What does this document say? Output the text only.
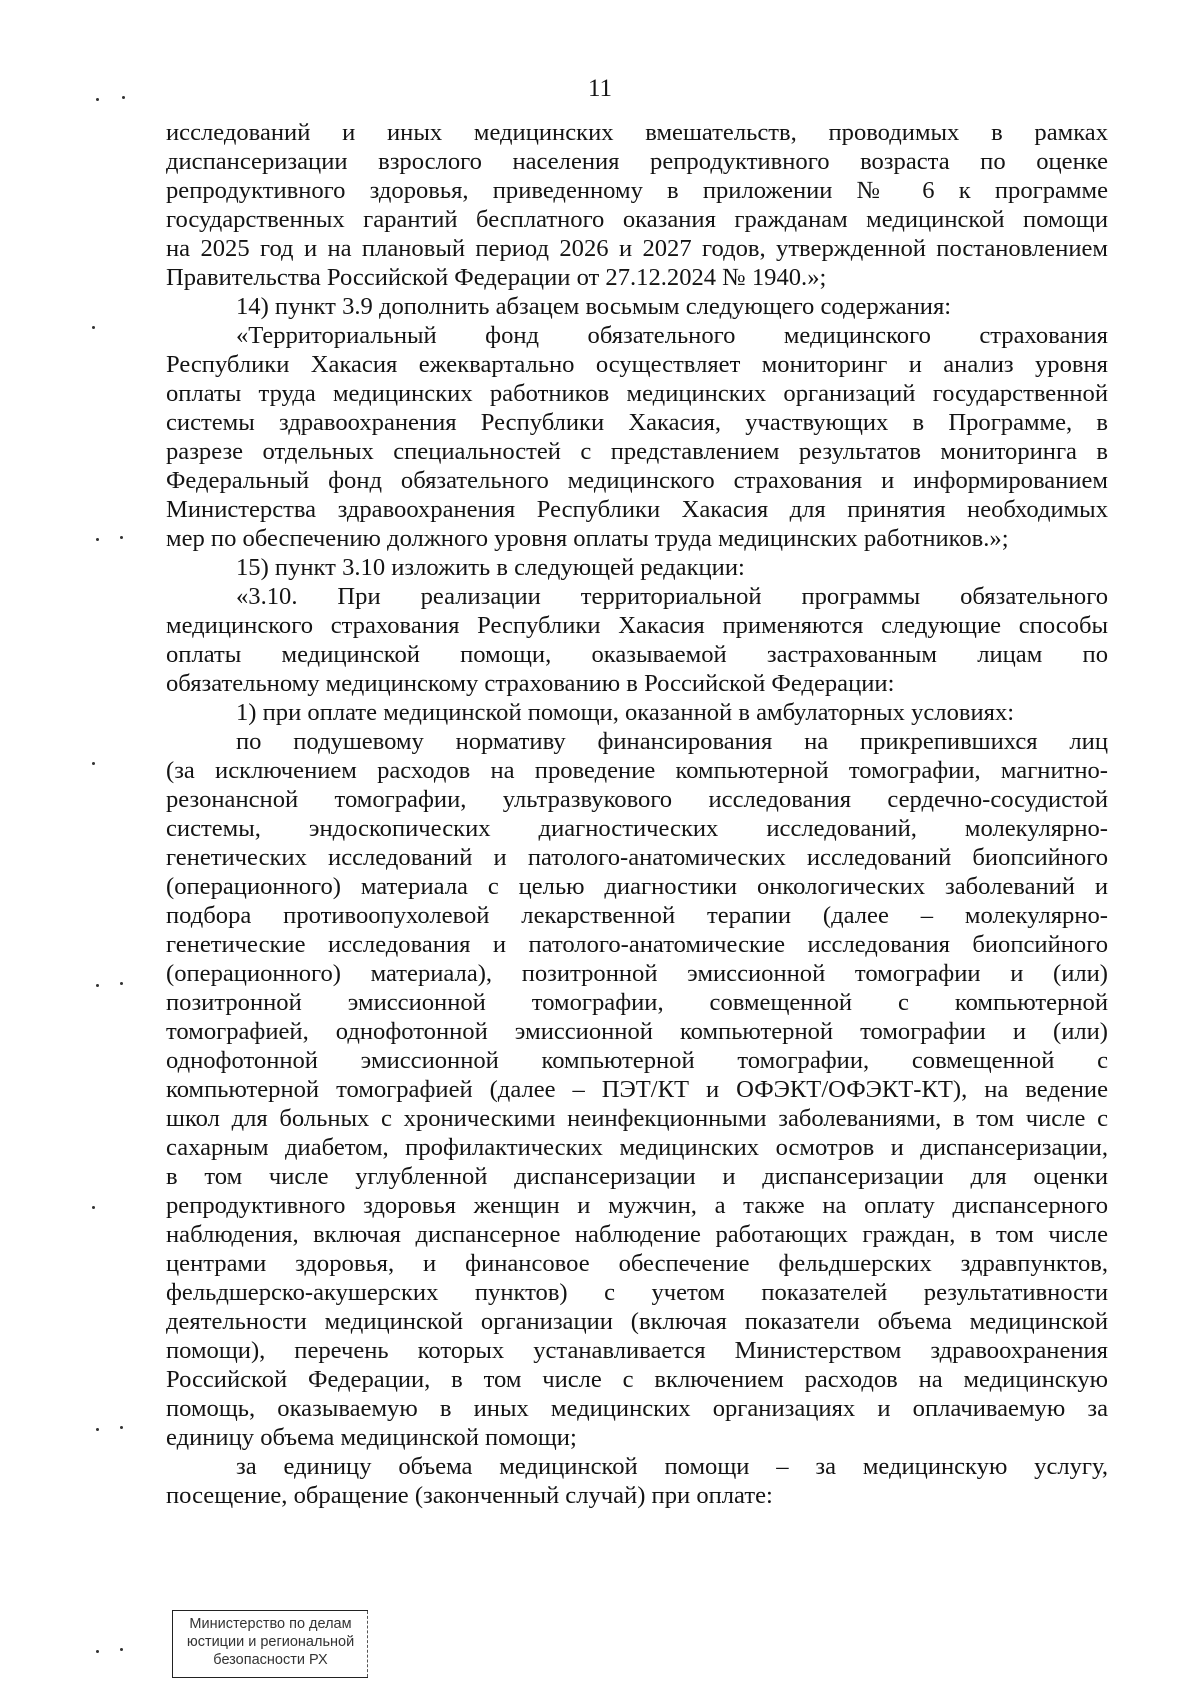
11
исследований и иных медицинских вмешательств, проводимых в рамках
диспансеризации взрослого населения репродуктивного возраста по оценке
репродуктивного здоровья, приведенному в приложении № 6 к программе
государственных гарантий бесплатного оказания гражданам медицинской помощи
на 2025 год и на плановый период 2026 и 2027 годов, утвержденной постановлением
Правительства Российской Федерации от 27.12.2024 № 1940.»;
14) пункт 3.9 дополнить абзацем восьмым следующего содержания:
«Территориальный фонд обязательного медицинского страхования
Республики Хакасия ежеквартально осуществляет мониторинг и анализ уровня
оплаты труда медицинских работников медицинских организаций государственной
системы здравоохранения Республики Хакасия, участвующих в Программе, в
разрезе отдельных специальностей с представлением результатов мониторинга в
Федеральный фонд обязательного медицинского страхования и информированием
Министерства здравоохранения Республики Хакасия для принятия необходимых
мер по обеспечению должного уровня оплаты труда медицинских работников.»;
15) пункт 3.10 изложить в следующей редакции:
«3.10. При реализации территориальной программы обязательного
медицинского страхования Республики Хакасия применяются следующие способы
оплаты медицинской помощи, оказываемой застрахованным лицам по
обязательному медицинскому страхованию в Российской Федерации:
1) при оплате медицинской помощи, оказанной в амбулаторных условиях:
по подушевому нормативу финансирования на прикрепившихся лиц
(за исключением расходов на проведение компьютерной томографии, магнитно-
резонансной томографии, ультразвукового исследования сердечно-сосудистой
системы, эндоскопических диагностических исследований, молекулярно-
генетических исследований и патолого-анатомических исследований биопсийного
(операционного) материала с целью диагностики онкологических заболеваний и
подбора противоопухолевой лекарственной терапии (далее – молекулярно-
генетические исследования и патолого-анатомические исследования биопсийного
(операционного) материала), позитронной эмиссионной томографии и (или)
позитронной эмиссионной томографии, совмещенной с компьютерной
томографией, однофотонной эмиссионной компьютерной томографии и (или)
однофотонной эмиссионной компьютерной томографии, совмещенной с
компьютерной томографией (далее – ПЭТ/КТ и ОФЭКТ/ОФЭКТ-КТ), на ведение
школ для больных с хроническими неинфекционными заболеваниями, в том числе с
сахарным диабетом, профилактических медицинских осмотров и диспансеризации,
в том числе углубленной диспансеризации и диспансеризации для оценки
репродуктивного здоровья женщин и мужчин, а также на оплату диспансерного
наблюдения, включая диспансерное наблюдение работающих граждан, в том числе
центрами здоровья, и финансовое обеспечение фельдшерских здравпунктов,
фельдшерско-акушерских пунктов) с учетом показателей результативности
деятельности медицинской организации (включая показатели объема медицинской
помощи), перечень которых устанавливается Министерством здравоохранения
Российской Федерации, в том числе с включением расходов на медицинскую
помощь, оказываемую в иных медицинских организациях и оплачиваемую за
единицу объема медицинской помощи;
за единицу объема медицинской помощи – за медицинскую услугу,
посещение, обращение (законченный случай) при оплате:
Министерство по делам
юстиции и региональной
безопасности РХ
